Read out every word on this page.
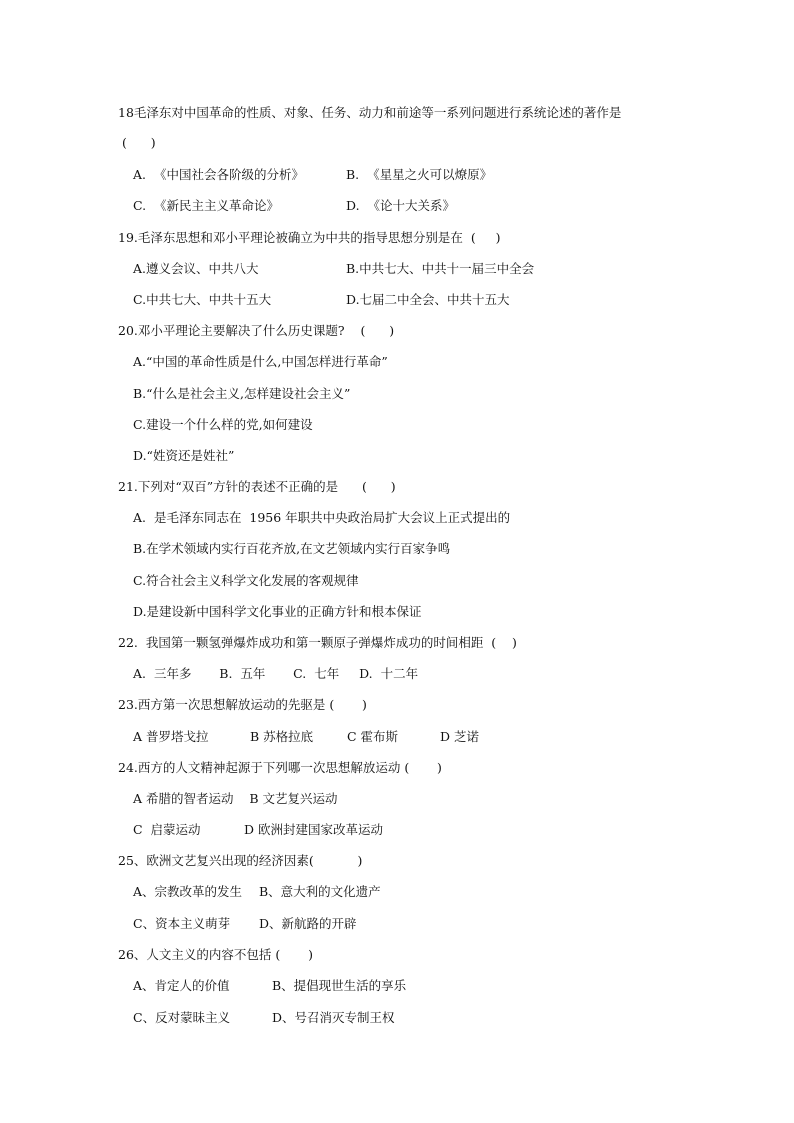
18毛泽东对中国革命的性质、对象、任务、动力和前途等一系列问题进行系统论述的著作是
(      )
A.  《中国社会各阶级的分析》	B.  《星星之火可以燎原》
C.  《新民主主义革命论》	D.  《论十大关系》
19.毛泽东思想和邓小平理论被确立为中共的指导思想分别是在  (     )
A.遵义会议、中共八大	B.中共七大、中共十一届三中全会
C.中共七大、中共十五大	D.七届二中全会、中共十五大
20.邓小平理论主要解决了什么历史课题?    (      )
A.“中国的革命性质是什么,中国怎样进行革命”
B.“什么是社会主义,怎样建设社会主义”
C.建设一个什么样的党,如何建设
D.“姓资还是姓社”
21.下列对“双百”方针的表述不正确的是      (      )
A.  是毛泽东同志在  1956 年职共中央政治局扩大会议上正式提出的
B.在学术领域内实行百花齐放,在文艺领域内实行百家争鸣
C.符合社会主义科学文化发展的客观规律
D.是建设新中国科学文化事业的正确方针和根本保证
22.  我国第一颗氢弹爆炸成功和第一颗原子弹爆炸成功的时间相距  (    )
A.  三年多       B.  五年       C.  七年     D.  十二年
23.西方第一次思想解放运动的先驱是 (       )
A 普罗塔戈拉	B 苏格拉底	C 霍布斯	D 芝诺
24.西方的人文精神起源于下列哪一次思想解放运动 (       )
A 希腊的智者运动    B 文艺复兴运动
C  启蒙运动	D 欧洲封建国家改革运动
25、欧洲文艺复兴出现的经济因素(           )
A、宗教改革的发生 B、意大利的文化遗产
C、资本主义萌芽 D、新航路的开辟
26、人文主义的内容不包括 (       )
A、肯定人的价值	B、提倡现世生活的享乐
C、反对蒙昧主义	D、号召消灭专制王权
